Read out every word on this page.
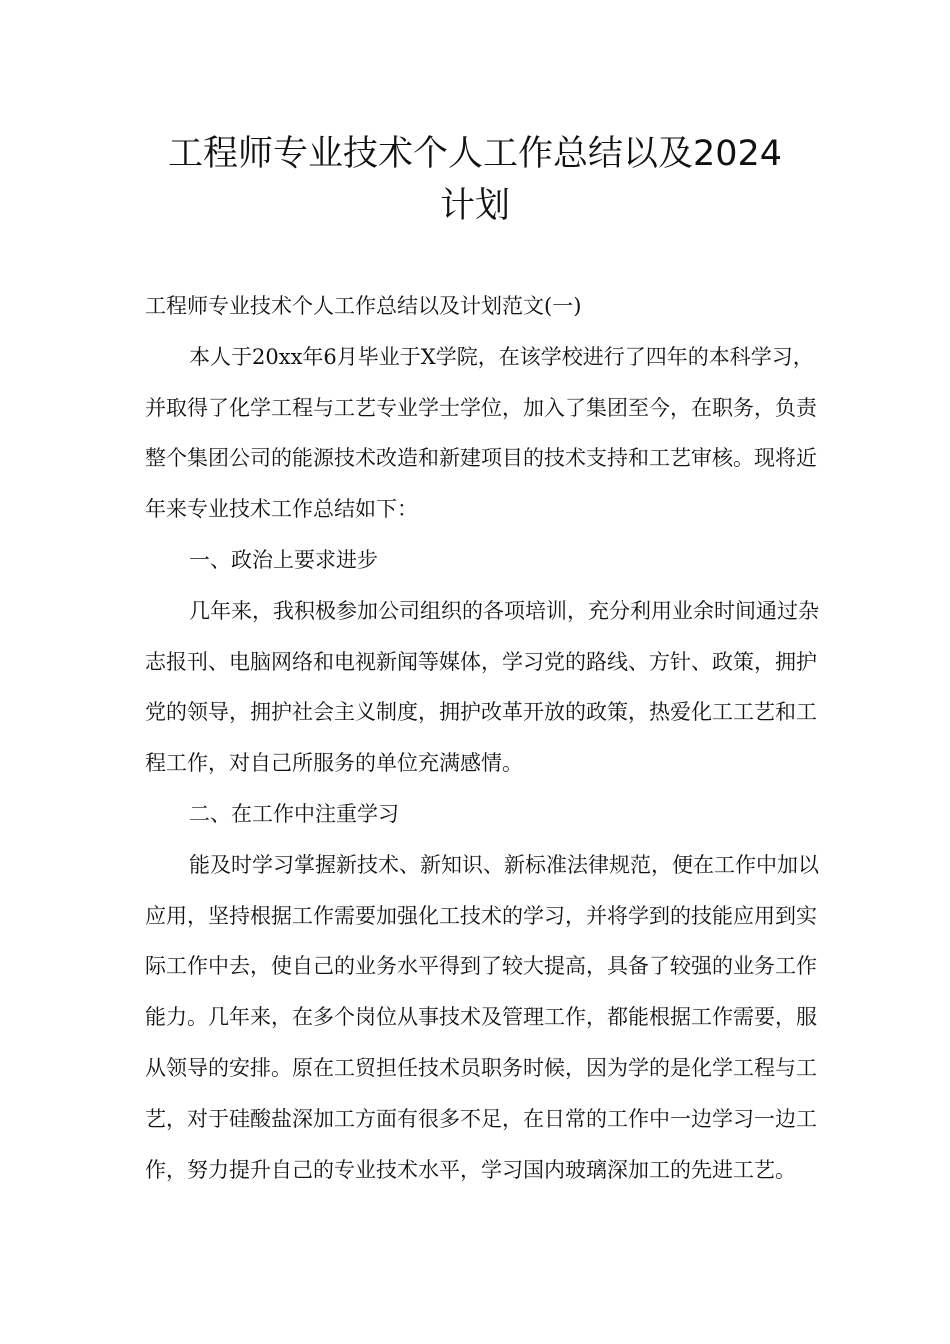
工程师专业技术个人工作总结以及2024
计划

工程师专业技术个人工作总结以及计划范文(一)

本人于20xx年6月毕业于X学院，在该学校进行了四年的本科学习，并取得了化学工程与工艺专业学士学位，加入了集团至今，在职务，负责整个集团公司的能源技术改造和新建项目的技术支持和工艺审核。现将近年来专业技术工作总结如下：

一、政治上要求进步

几年来，我积极参加公司组织的各项培训，充分利用业余时间通过杂志报刊、电脑网络和电视新闻等媒体，学习党的路线、方针、政策，拥护党的领导，拥护社会主义制度，拥护改革开放的政策，热爱化工工艺和工程工作，对自己所服务的单位充满感情。

二、在工作中注重学习

能及时学习掌握新技术、新知识、新标准法律规范，便在工作中加以应用，坚持根据工作需要加强化工技术的学习，并将学到的技能应用到实际工作中去，使自己的业务水平得到了较大提高，具备了较强的业务工作能力。几年来，在多个岗位从事技术及管理工作，都能根据工作需要，服从领导的安排。原在工贸担任技术员职务时候，因为学的是化学工程与工艺，对于硅酸盐深加工方面有很多不足，在日常的工作中一边学习一边工作，努力提升自己的专业技术水平，学习国内玻璃深加工的先进工艺。
